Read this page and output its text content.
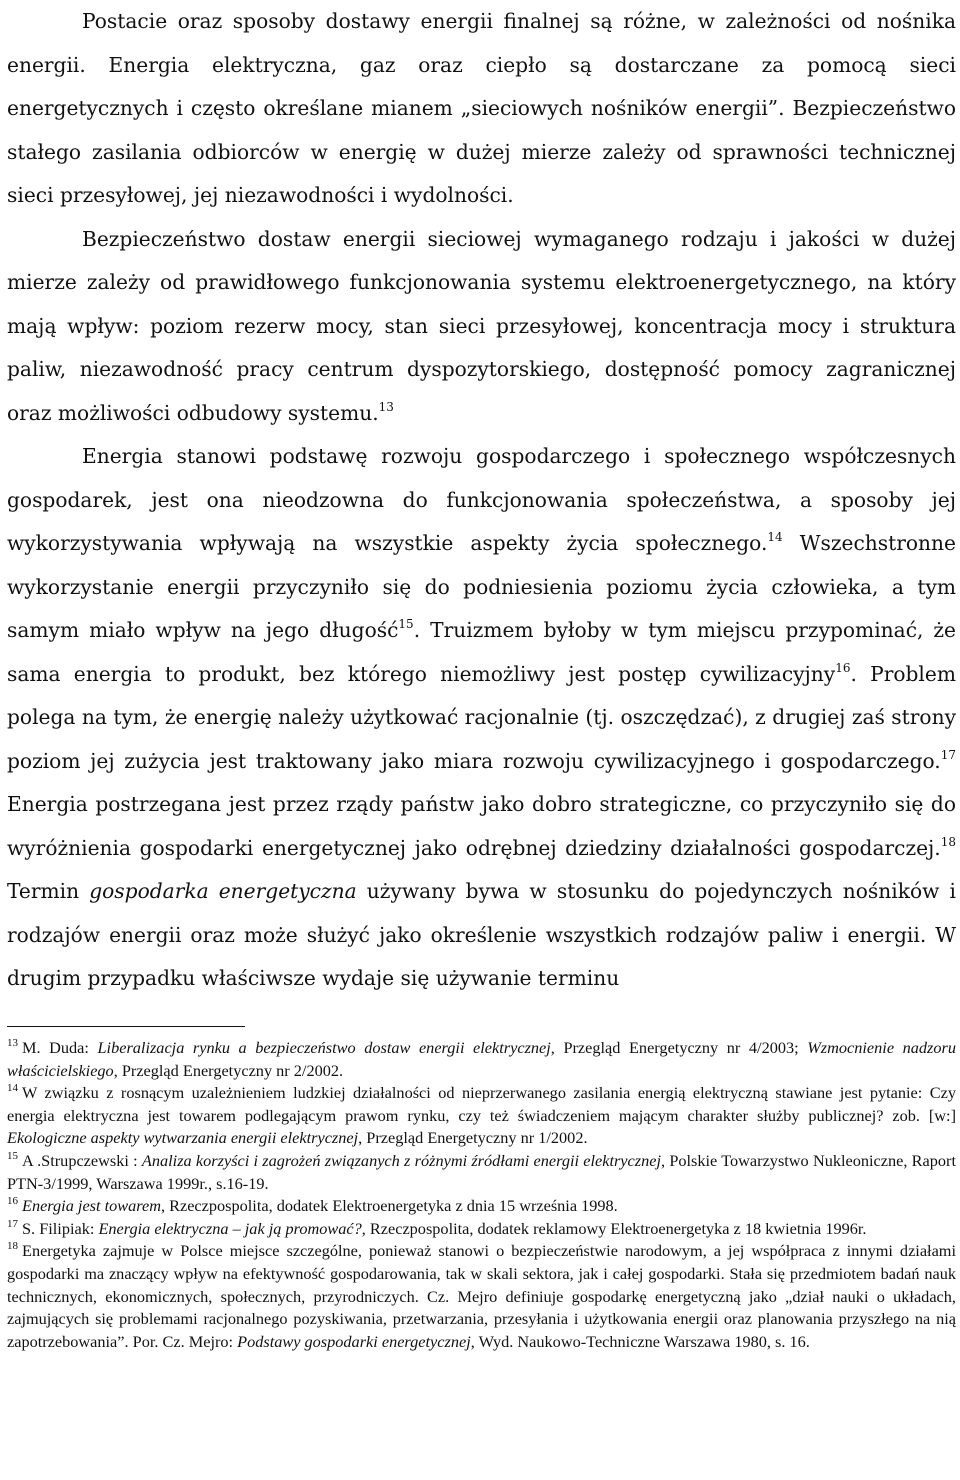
Postacie oraz sposoby dostawy energii finalnej są różne, w zależności od nośnika energii. Energia elektryczna, gaz oraz ciepło są dostarczane za pomocą sieci energetycznych i często określane mianem „sieciowych nośników energii”. Bezpieczeństwo stałego zasilania odbiorców w energię w dużej mierze zależy od sprawności technicznej sieci przesyłowej, jej niezawodności i wydolności.

Bezpieczeństwo dostaw energii sieciowej wymaganego rodzaju i jakości w dużej mierze zależy od prawidłowego funkcjonowania systemu elektroenergetycznego, na który mają wpływ: poziom rezerw mocy, stan sieci przesyłowej, koncentracja mocy i struktura paliw, niezawodność pracy centrum dyspozytorskiego, dostępność pomocy zagranicznej oraz możliwości odbudowy systemu.$^{13}$

Energia stanowi podstawę rozwoju gospodarczego i społecznego współczesnych gospodarek, jest ona nieodzowna do funkcjonowania społeczeństwa, a sposoby jej wykorzystywania wpływają na wszystkie aspekty życia społecznego.$^{14}$ Wszechstronne wykorzystanie energii przyczyniło się do podniesienia poziomu życia człowieka, a tym samym miało wpływ na jego długość$^{15}$. Truizmem byłoby w tym miejscu przypominać, że sama energia to produkt, bez którego niemożliwy jest postęp cywilizacyjny$^{16}$. Problem polega na tym, że energię należy użytkować racjonalnie (tj. oszczędzać), z drugiej zaś strony poziom jej zużycia jest traktowany jako miara rozwoju cywilizacyjnego i gospodarczego.$^{17}$ Energia postrzegana jest przez rządy państw jako dobro strategiczne, co przyczyniło się do wyróżnienia gospodarki energetycznej jako odrębnej dziedziny działalności gospodarczej.$^{18}$ Termin gospodarka energetyczna używany bywa w stosunku do pojedynczych nośników i rodzajów energii oraz może służyć jako określenie wszystkich rodzajów paliw i energii. W drugim przypadku właściwsze wydaje się używanie terminu

$^{13}$ M. Duda: Liberalizacja rynku a bezpieczeństwo dostaw energii elektrycznej, Przegląd Energetyczny nr 4/2003; Wzmocnienie nadzoru właścicielskiego, Przegląd Energetyczny nr 2/2002.

$^{14}$ W związku z rosnącym uzależnieniem ludzkiej działalności od nieprzerwanego zasilania energią elektryczną stawiane jest pytanie: Czy energia elektryczna jest towarem podlegającym prawom rynku, czy też świadczeniem mającym charakter służby publicznej? zob. [w:] Ekologiczne aspekty wytwarzania energii elektrycznej, Przegląd Energetyczny nr 1/2002.

$^{15}$ A .Strupczewski : Analiza korzyści i zagrożeń związanych z różnymi źródłami energii elektrycznej, Polskie Towarzystwo Nukleoniczne, Raport PTN-3/1999, Warszawa 1999r., s.16-19.

$^{16}$ Energia jest towarem, Rzeczpospolita, dodatek Elektroenergetyka z dnia 15 września 1998.

$^{17}$ S. Filipiak: Energia elektryczna – jak ją promować?, Rzeczpospolita, dodatek reklamowy Elektroenergetyka z 18 kwietnia 1996r.

$^{18}$ Energetyka zajmuje w Polsce miejsce szczególne, ponieważ stanowi o bezpieczeństwie narodowym, a jej współpraca z innymi działami gospodarki ma znaczący wpływ na efektywność gospodarowania, tak w skali sektora, jak i całej gospodarki. Stała się przedmiotem badań nauk technicznych, ekonomicznych, społecznych, przyrodniczych. Cz. Mejro definiuje gospodarkę energetyczną jako „dział nauki o układach, zajmujących się problemami racjonalnego pozyskiwania, przetwarzania, przesyłania i użytkowania energii oraz planowania przyszłego na nią zapotrzebowania”. Por. Cz. Mejro: Podstawy gospodarki energetycznej, Wyd. Naukowo-Techniczne Warszawa 1980, s. 16.
